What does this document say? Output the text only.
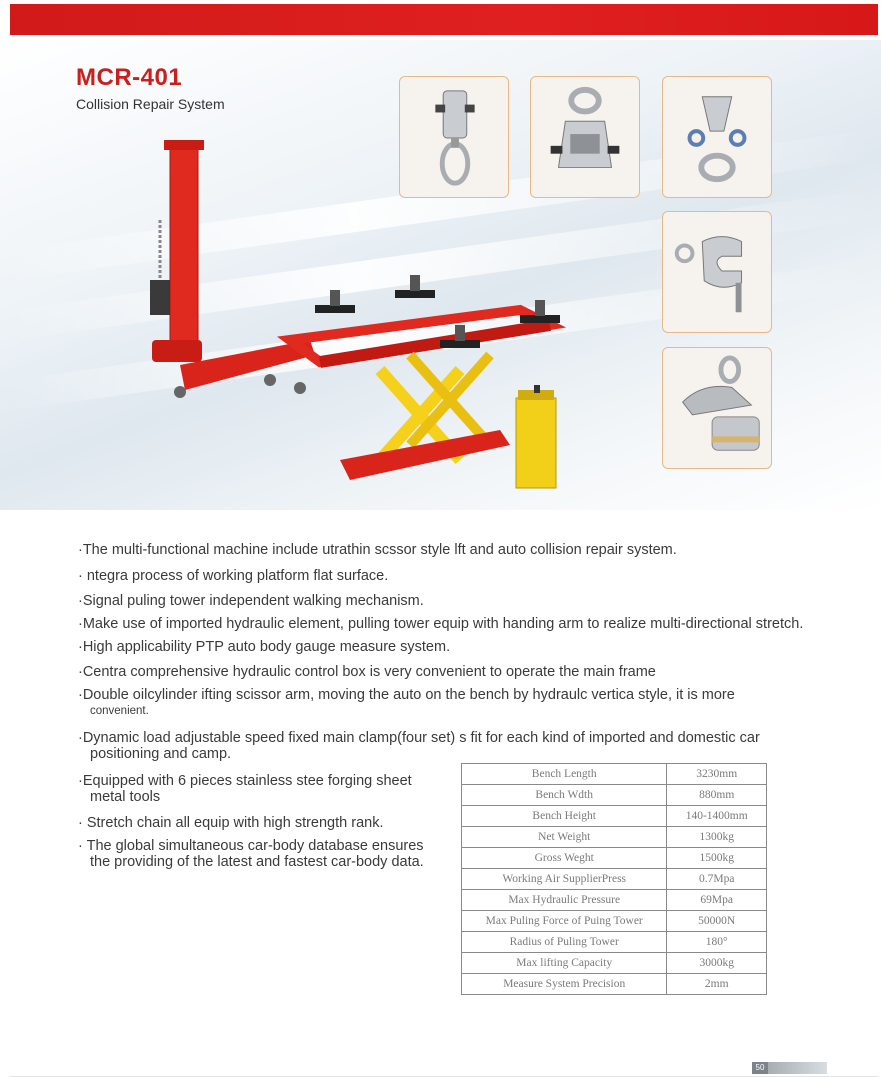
MCR-401
Collision Repair System
·The multi-functional machine include utrathin scssor style lft and auto collision repair system.
· ntegra process of working platform flat surface.
·Signal puling tower independent walking mechanism.
·Make use of imported hydraulic element, pulling tower equip with handing arm to realize multi-directional stretch.
·High applicability PTP auto body gauge measure system.
·Centra comprehensive hydraulic control box is very convenient to operate the main frame
·Double oilcylinder ifting scissor arm, moving the auto on the bench by hydraulc vertica style, it is more
convenient.
·Dynamic load adjustable speed fixed main clamp(four set) s fit for each kind of imported and domestic car
positioning and camp.
·Equipped with 6 pieces stainless stee forging sheet
metal tools
· Stretch chain all equip with high strength rank.
· The global simultaneous car-body database ensures
the providing of the latest and fastest car-body data.
Bench Length	3230mm
Bench Wdth	880mm
Bench Height	140-1400mm
Net Weight	1300kg
Gross Weght	1500kg
Working Air SupplierPress	0.7Mpa
Max Hydraulic Pressure	69Mpa
Max Puling Force of Puing Tower	50000N
Radius of Puling Tower	180°
Max lifting Capacity	3000kg
Measure System Precision	2mm
50
